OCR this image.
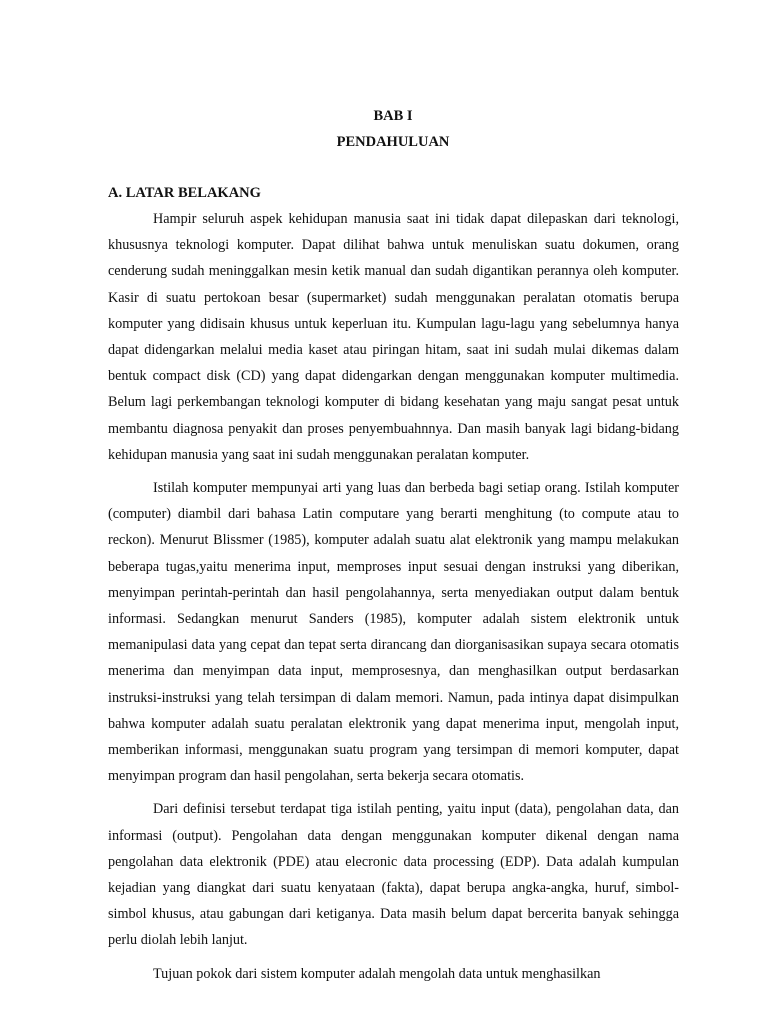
BAB I
PENDAHULUAN
A. LATAR BELAKANG

Hampir seluruh aspek kehidupan manusia saat ini tidak dapat dilepaskan dari teknologi, khususnya teknologi komputer. Dapat dilihat bahwa untuk menuliskan suatu dokumen, orang cenderung sudah meninggalkan mesin ketik manual dan sudah digantikan perannya oleh komputer. Kasir di suatu pertokoan besar (supermarket) sudah menggunakan peralatan otomatis berupa komputer yang didisain khusus untuk keperluan itu. Kumpulan lagu-lagu yang sebelumnya hanya dapat didengarkan melalui media kaset atau piringan hitam, saat ini sudah mulai dikemas dalam bentuk compact disk (CD) yang dapat didengarkan dengan menggunakan komputer multimedia. Belum lagi perkembangan teknologi komputer di bidang kesehatan yang maju sangat pesat untuk membantu diagnosa penyakit dan proses penyembuahnnya. Dan masih banyak lagi bidang-bidang kehidupan manusia yang saat ini sudah menggunakan peralatan komputer.

Istilah komputer mempunyai arti yang luas dan berbeda bagi setiap orang. Istilah komputer (computer) diambil dari bahasa Latin computare yang berarti menghitung (to compute atau to reckon). Menurut Blissmer (1985), komputer adalah suatu alat elektronik yang mampu melakukan beberapa tugas,yaitu menerima input, memproses input sesuai dengan instruksi yang diberikan, menyimpan perintah-perintah dan hasil pengolahannya, serta menyediakan output dalam bentuk informasi. Sedangkan menurut Sanders (1985), komputer adalah sistem elektronik untuk memanipulasi data yang cepat dan tepat serta dirancang dan diorganisasikan supaya secara otomatis menerima dan menyimpan data input, memprosesnya, dan menghasilkan output berdasarkan instruksi-instruksi yang telah tersimpan di dalam memori. Namun, pada intinya dapat disimpulkan bahwa komputer adalah suatu peralatan elektronik yang dapat menerima input, mengolah input, memberikan informasi, menggunakan suatu program yang tersimpan di memori komputer, dapat menyimpan program dan hasil pengolahan, serta bekerja secara otomatis.

Dari definisi tersebut terdapat tiga istilah penting, yaitu input (data), pengolahan data, dan informasi (output). Pengolahan data dengan menggunakan komputer dikenal dengan nama pengolahan data elektronik (PDE) atau elecronic data processing (EDP). Data adalah kumpulan kejadian yang diangkat dari suatu kenyataan (fakta), dapat berupa angka-angka, huruf, simbol-simbol khusus, atau gabungan dari ketiganya. Data masih belum dapat bercerita banyak sehingga perlu diolah lebih lanjut.

Tujuan pokok dari sistem komputer adalah mengolah data untuk menghasilkan
